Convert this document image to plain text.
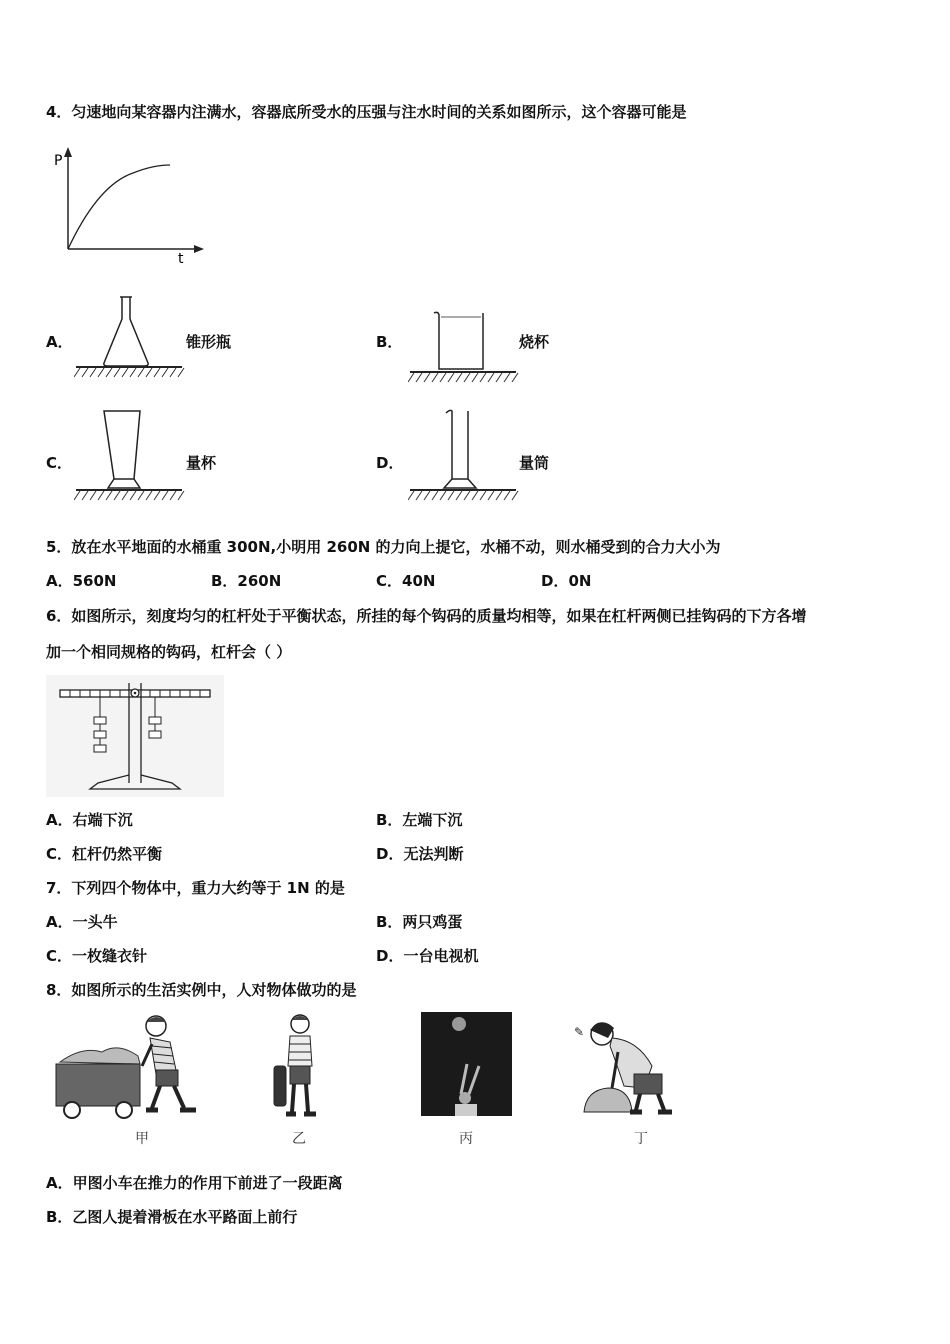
4．匀速地向某容器内注满水，容器底所受水的压强与注水时间的关系如图所示，这个容器可能是
P
t
A．	锥形瓶	B．	烧杯
C．	量杯	D．	量筒
5．放在水平地面的水桶重 300N,小明用 260N 的力向上提它，水桶不动，则水桶受到的合力大小为
A．560N	B．260N	C．40N	D．0N
6．如图所示，刻度均匀的杠杆处于平衡状态，所挂的每个钩码的质量均相等，如果在杠杆两侧已挂钩码的下方各增
加一个相同规格的钩码，杠杆会（ ）
A．右端下沉	B．左端下沉
C．杠杆仍然平衡	D．无法判断
7．下列四个物体中，重力大约等于 1N 的是
A．一头牛	B．两只鸡蛋
C．一枚缝衣针	D．一台电视机
8．如图所示的生活实例中，人对物体做功的是
甲	乙	丙
✎
丁
A．甲图小车在推力的作用下前进了一段距离
B．乙图人提着滑板在水平路面上前行
